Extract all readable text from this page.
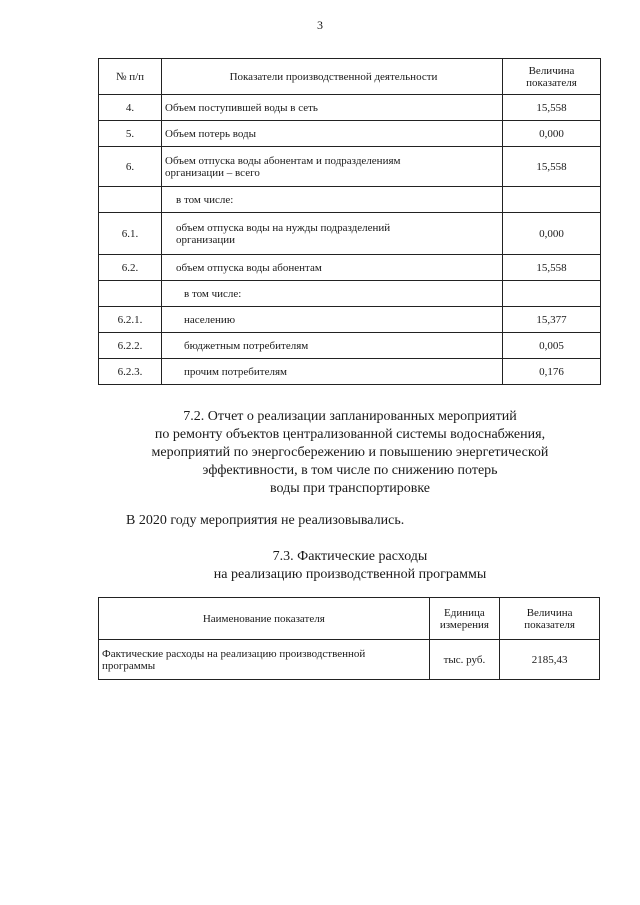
3
№ п/п	Показатели производственной деятельности	Величина
показателя
4.	Объем поступившей воды в сеть	15,558
5.	Объем потерь воды	0,000
6.	Объем отпуска воды абонентам и подразделениям
организации – всего	15,558
	в том числе:	
6.1.	объем отпуска воды на нужды подразделений
организации	0,000
6.2.	объем отпуска воды абонентам	15,558
	в том числе:	
6.2.1.	населению	15,377
6.2.2.	бюджетным потребителям	0,005
6.2.3.	прочим потребителям	0,176
7.2. Отчет о реализации запланированных мероприятий
по ремонту объектов централизованной системы водоснабжения,
мероприятий по энергосбережению и повышению энергетической
эффективности, в том числе по снижению потерь
воды при транспортировке
В 2020 году мероприятия не реализовывались.
7.3. Фактические расходы
на реализацию производственной программы
Наименование показателя	Единица
измерения	Величина
показателя
Фактические расходы на реализацию производственной
программы	тыс. руб.	2185,43
